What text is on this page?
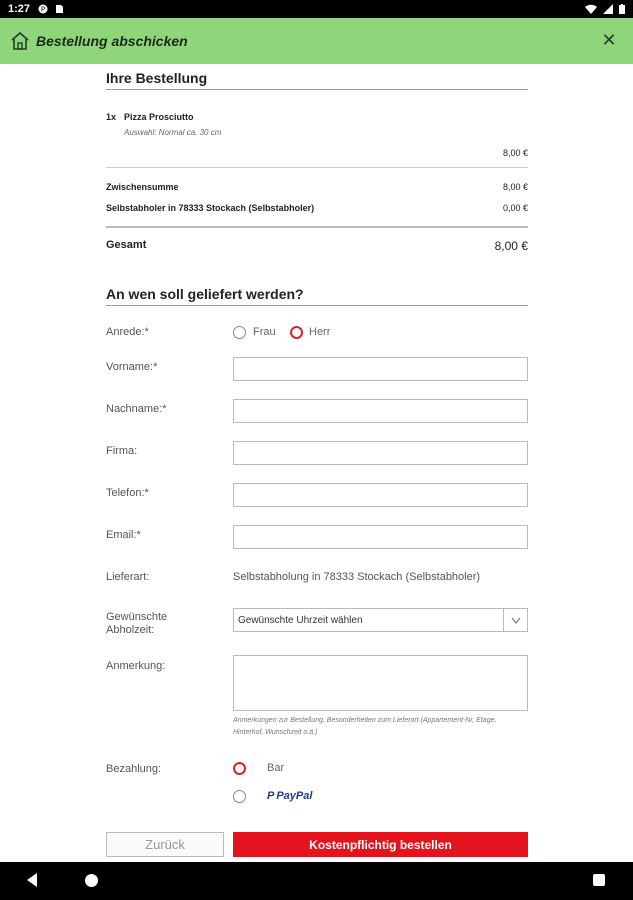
1:27 P
Bestellung abschicken	✕
Ihre Bestellung
1x Pizza Prosciutto
Auswahl: Normal ca. 30 cm
8,00 €
Zwischensumme	8,00 €
Selbstabholer in 78333 Stockach (Selbstabholer)	0,00 €
Gesamt	8,00 €
An wen soll geliefert werden?
Anrede:*	Frau	Herr
Vorname:*
Nachname:*
Firma:
Telefon:*
Email:*
Lieferart:	Selbstabholung in 78333 Stockach (Selbstabholer)
Gewünschte
Abholzeit:
Gewünschte Uhrzeit wählen
Anmerkung:
Anmerkungen zur Bestellung, Besonderheiten zum Lieferort (Appartement-Nr, Etage,
Hinterhof, Wunschzeit o.ä.)
Bezahlung:	Bar
P PayPal
Zurück	Kostenpflichtig bestellen
